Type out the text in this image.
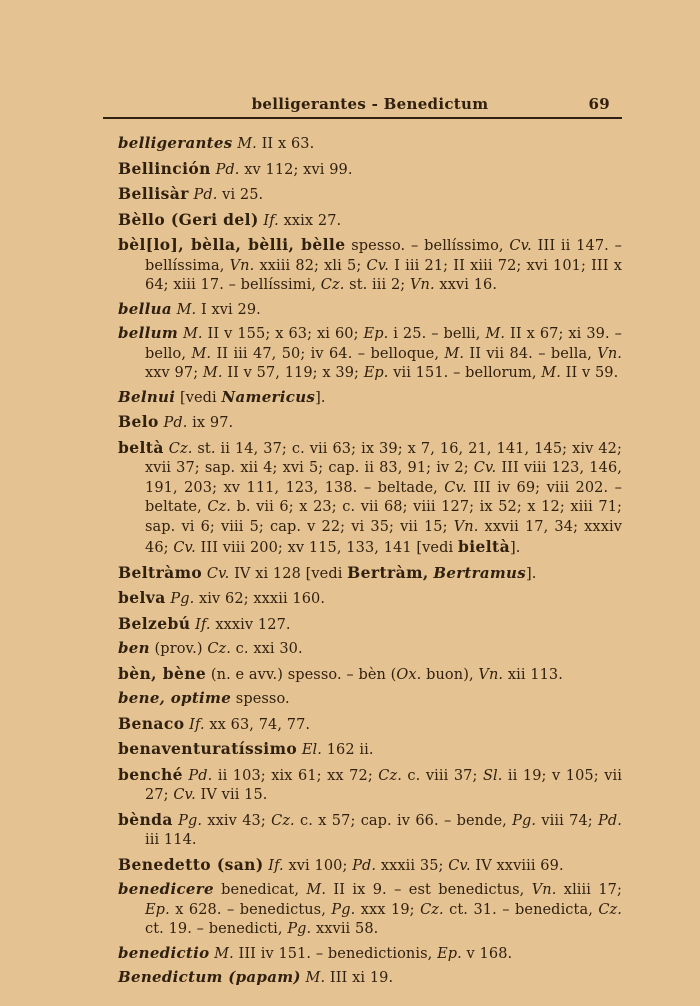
belligerantes - Benedictum	69

belligerantes M. II x 63.

Bellinción Pd. xv 112; xvi 99.

Bellisàr Pd. vi 25.

Bèllo (Geri del) If. xxix 27.

bèl[lo], bèlla, bèlli, bèlle spesso. – bellíssimo, Cv. III ii 147. – bellíssima, Vn. xxiii 82; xli 5; Cv. I iii 21; II xiii 72; xvi 101; III x 64; xiii 17. – bellíssimi, Cz. st. iii 2; Vn. xxvi 16.

bellua M. I xvi 29.

bellum M. II v 155; x 63; xi 60; Ep. i 25. – belli, M. II x 67; xi 39. – bello, M. II iii 47, 50; iv 64. – belloque, M. II vii 84. – bella, Vn. xxv 97; M. II v 57, 119; x 39; Ep. vii 151. – bellorum, M. II v 59.

Belnui [vedi Namericus].

Belo Pd. ix 97.

beltà Cz. st. ii 14, 37; c. vii 63; ix 39; x 7, 16, 21, 141, 145; xiv 42; xvii 37; sap. xii 4; xvi 5; cap. ii 83, 91; iv 2; Cv. III viii 123, 146, 191, 203; xv 111, 123, 138. – beltade, Cv. III iv 69; viii 202. – beltate, Cz. b. vii 6; x 23; c. vii 68; viii 127; ix 52; x 12; xiii 71; sap. vi 6; viii 5; cap. v 22; vi 35; vii 15; Vn. xxvii 17, 34; xxxiv 46; Cv. III viii 200; xv 115, 133, 141 [vedi bieltà].

Beltràmo Cv. IV xi 128 [vedi Bertràm, Bertramus].

belva Pg. xiv 62; xxxii 160.

Belzebú If. xxxiv 127.

ben (prov.) Cz. c. xxi 30.

bèn, bène (n. e avv.) spesso. – bèn (Ox. buon), Vn. xii 113.

bene, optime spesso.

Benaco If. xx 63, 74, 77.

benaventuratíssimo El. 162 ii.

benché Pd. ii 103; xix 61; xx 72; Cz. c. viii 37; Sl. ii 19; v 105; vii 27; Cv. IV vii 15.

bènda Pg. xxiv 43; Cz. c. x 57; cap. iv 66. – bende, Pg. viii 74; Pd. iii 114.

Benedetto (san) If. xvi 100; Pd. xxxii 35; Cv. IV xxviii 69.

benedicere benedicat, M. II ix 9. – est benedictus, Vn. xliii 17; Ep. x 628. – benedictus, Pg. xxx 19; Cz. ct. 31. – benedicta, Cz. ct. 19. – benedicti, Pg. xxvii 58.

benedictio M. III iv 151. – benedictionis, Ep. v 168.

Benedictum (papam) M. III xi 19.
